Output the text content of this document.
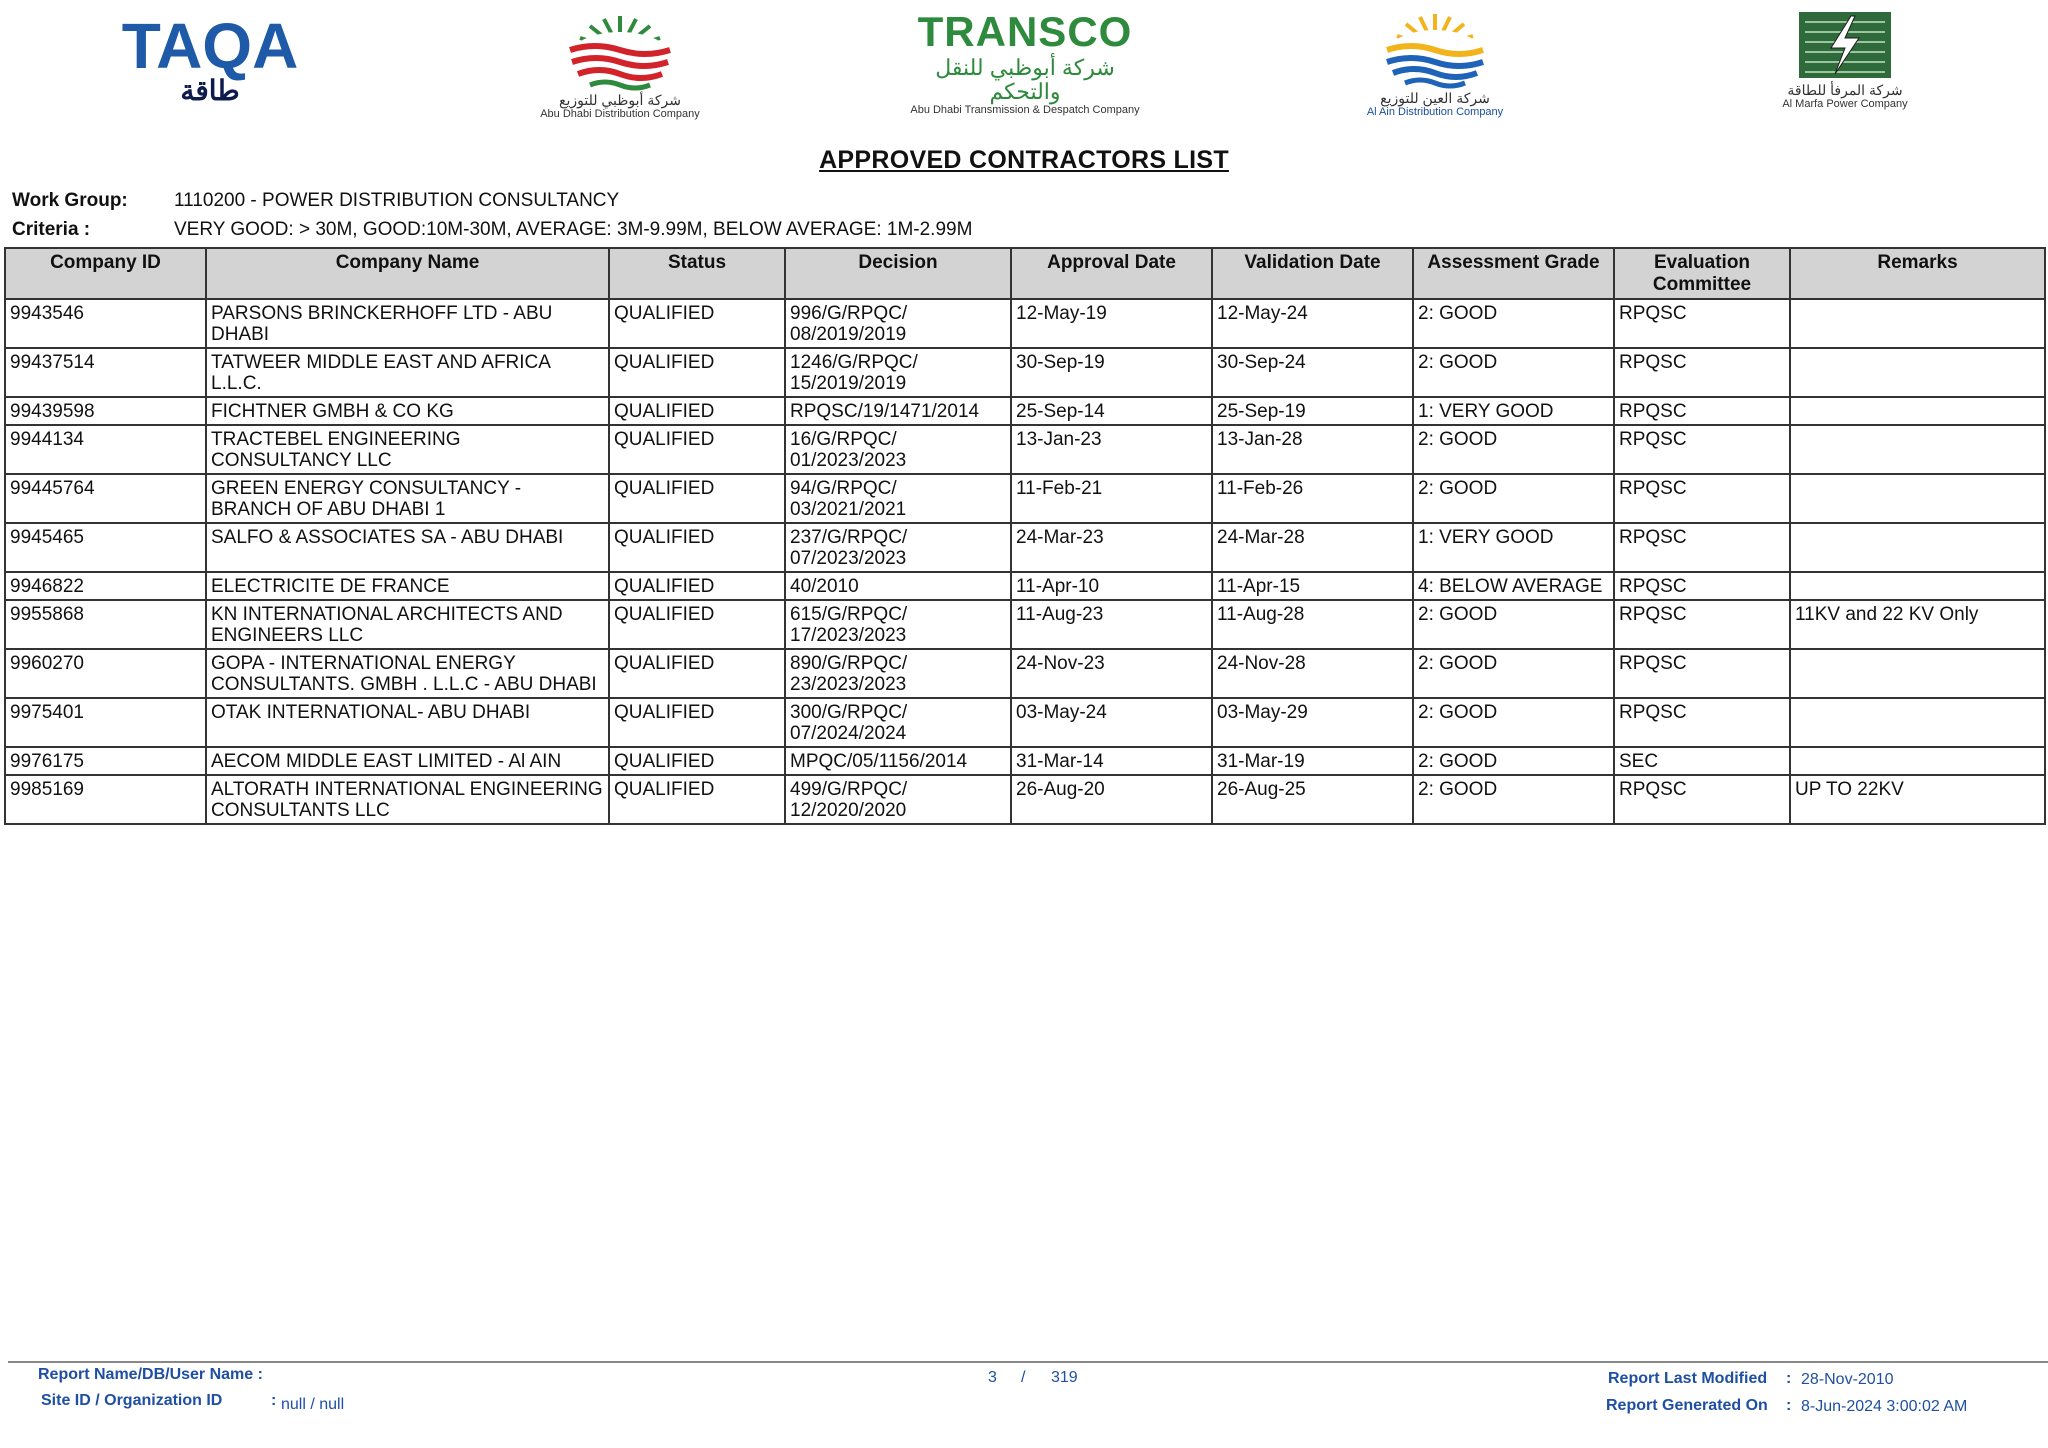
TAQA
طاقة	شركة أبوظبي للتوزيع
Abu Dhabi Distribution Company
TRANSCO
شركة أبوظبي للنقل والتحكم
Abu Dhabi Transmission & Despatch Company
شركة العين للتوزيع
Al Ain Distribution Company
شركة المرفأ للطاقة
Al Marfa Power Company
APPROVED CONTRACTORS LIST
Work Group: 1110200 - POWER DISTRIBUTION CONSULTANCY
Criteria :	VERY GOOD: > 30M, GOOD:10M-30M, AVERAGE: 3M-9.99M, BELOW AVERAGE: 1M-2.99M
Company ID	Company Name	Status	Decision	Approval Date	Validation Date	Assessment Grade	Evaluation Committee	Remarks
9943546	PARSONS BRINCKERHOFF LTD - ABU DHABI	QUALIFIED	996/G/RPQC/ 08/2019/2019	12-May-19	12-May-24	2: GOOD	RPQSC	
99437514	TATWEER MIDDLE EAST AND AFRICA L.L.C.	QUALIFIED	1246/G/RPQC/ 15/2019/2019	30-Sep-19	30-Sep-24	2: GOOD	RPQSC	
99439598	FICHTNER GMBH & CO KG	QUALIFIED	RPQSC/19/1471/2014	25-Sep-14	25-Sep-19	1: VERY GOOD	RPQSC	
9944134	TRACTEBEL ENGINEERING CONSULTANCY LLC	QUALIFIED	16/G/RPQC/ 01/2023/2023	13-Jan-23	13-Jan-28	2: GOOD	RPQSC	
99445764	GREEN ENERGY CONSULTANCY - BRANCH OF ABU DHABI 1	QUALIFIED	94/G/RPQC/ 03/2021/2021	11-Feb-21	11-Feb-26	2: GOOD	RPQSC	
9945465	SALFO & ASSOCIATES SA - ABU DHABI	QUALIFIED	237/G/RPQC/ 07/2023/2023	24-Mar-23	24-Mar-28	1: VERY GOOD	RPQSC	
9946822	ELECTRICITE DE FRANCE	QUALIFIED	40/2010	11-Apr-10	11-Apr-15	4: BELOW AVERAGE	RPQSC	
9955868	KN INTERNATIONAL ARCHITECTS AND ENGINEERS LLC	QUALIFIED	615/G/RPQC/ 17/2023/2023	11-Aug-23	11-Aug-28	2: GOOD	RPQSC	11KV and 22 KV Only
9960270	GOPA - INTERNATIONAL ENERGY CONSULTANTS. GMBH . L.L.C - ABU DHABI	QUALIFIED	890/G/RPQC/ 23/2023/2023	24-Nov-23	24-Nov-28	2: GOOD	RPQSC	
9975401	OTAK INTERNATIONAL- ABU DHABI	QUALIFIED	300/G/RPQC/ 07/2024/2024	03-May-24	03-May-29	2: GOOD	RPQSC	
9976175	AECOM MIDDLE EAST LIMITED - Al AIN	QUALIFIED	MPQC/05/1156/2014	31-Mar-14	31-Mar-19	2: GOOD	SEC	
9985169	ALTORATH INTERNATIONAL ENGINEERING CONSULTANTS LLC	QUALIFIED	499/G/RPQC/ 12/2020/2020	26-Aug-20	26-Aug-25	2: GOOD	RPQSC	UP TO 22KV
Report Name/DB/User Name :
Site ID / Organization ID	: null / null
3 / 319	Report Last Modified : 28-Nov-2010
Report Generated On : 8-Jun-2024 3:00:02 AM
